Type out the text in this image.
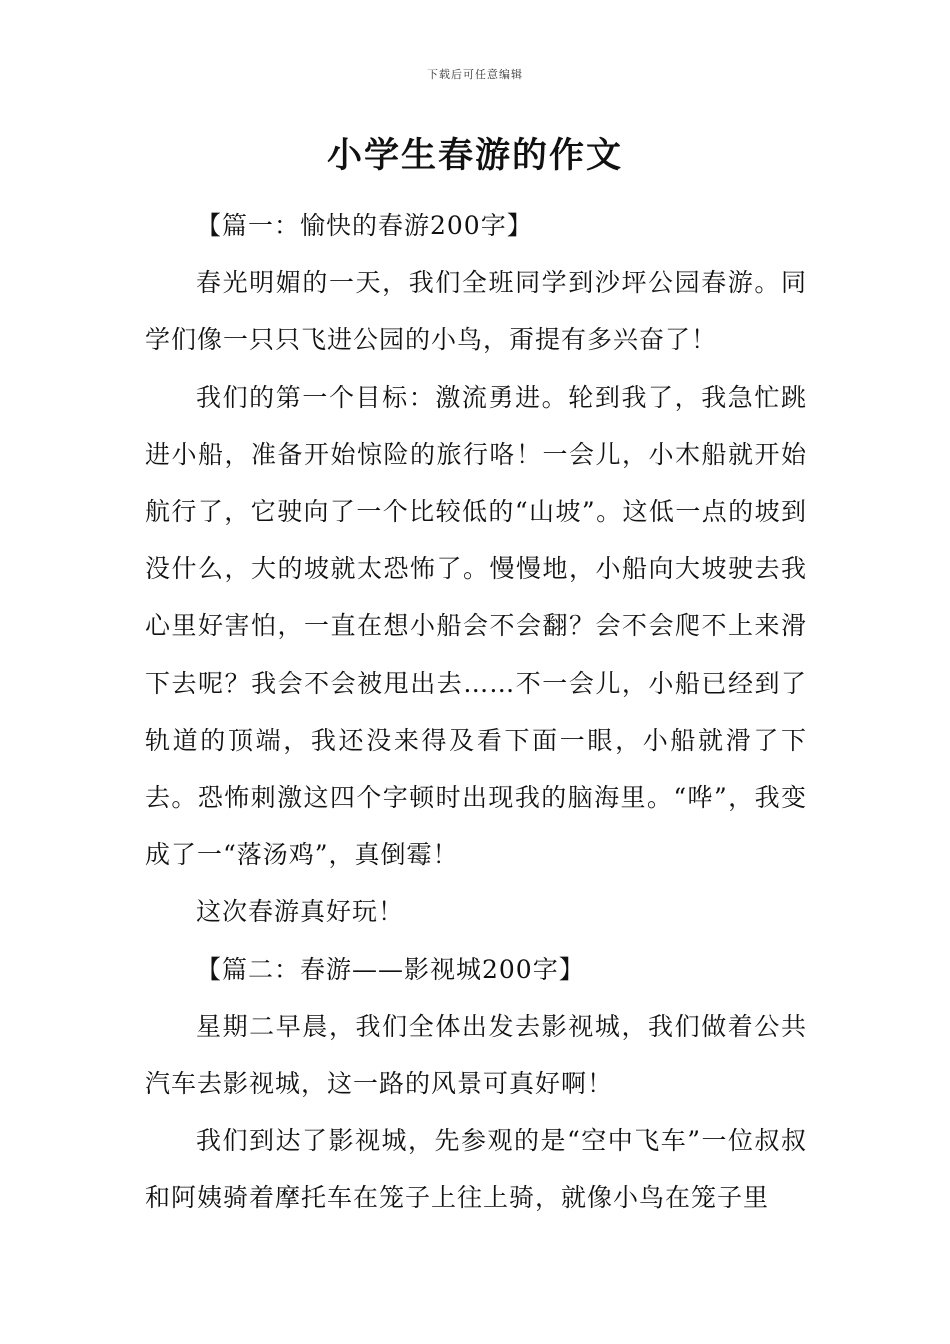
下载后可任意编辑
小学生春游的作文

【篇一：愉快的春游200字】

春光明媚的一天，我们全班同学到沙坪公园春游。同学们像一只只飞进公园的小鸟，甭提有多兴奋了！

我们的第一个目标：激流勇进。轮到我了，我急忙跳进小船，准备开始惊险的旅行咯！一会儿，小木船就开始航行了，它驶向了一个比较低的“山坡”。这低一点的坡到没什么，大的坡就太恐怖了。慢慢地，小船向大坡驶去我心里好害怕，一直在想小船会不会翻？会不会爬不上来滑下去呢？我会不会被甩出去……不一会儿，小船已经到了轨道的顶端，我还没来得及看下面一眼，小船就滑了下去。恐怖刺激这四个字顿时出现我的脑海里。“哗”，我变成了一“落汤鸡”，真倒霉！

这次春游真好玩！

【篇二：春游——影视城200字】

星期二早晨，我们全体出发去影视城，我们做着公共汽车去影视城，这一路的风景可真好啊！

我们到达了影视城，先参观的是“空中飞车”一位叔叔和阿姨骑着摩托车在笼子上往上骑，就像小鸟在笼子里
